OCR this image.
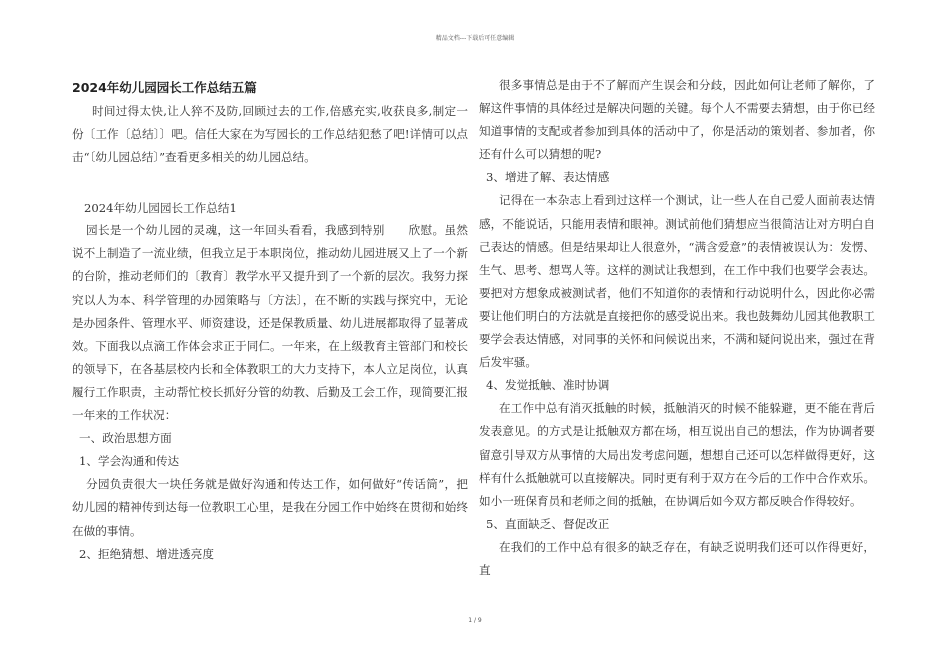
精品文档---下载后可任意编辑

2024年幼儿园园长工作总结五篇

时间过得太快,让人猝不及防,回顾过去的工作,倍感充实,收获良多,制定一份〔工作〔总结〕〕吧。信任大家在为写园长的工作总结犯愁了吧!详情可以点击“〔幼儿园总结〕”查看更多相关的幼儿园总结。

2024年幼儿园园长工作总结1

园长是一个幼儿园的灵魂，这一年回头看看，我感到特别　　欣慰。虽然说不上制造了一流业绩，但我立足于本职岗位，推动幼儿园进展又上了一个新的台阶，推动老师们的〔教育〕教学水平又提升到了一个新的层次。我努力探究以人为本、科学管理的办园策略与〔方法〕，在不断的实践与探究中，无论是办园条件、管理水平、师资建设，还是保教质量、幼儿进展都取得了显著成效。下面我以点滴工作体会求正于同仁。一年来，在上级教育主管部门和校长的领导下，在各基层校内长和全体教职工的大力支持下，本人立足岗位，认真履行工作职责，主动帮忙校长抓好分管的幼教、后勤及工会工作，现简要汇报一年来的工作状况：

一、政治思想方面

1、学会沟通和传达

分园负责很大一块任务就是做好沟通和传达工作，如何做好“传话筒”，把幼儿园的精神传到达每一位教职工心里，是我在分园工作中始终在贯彻和始终在做的事情。

2、拒绝猜想、增进透亮度

很多事情总是由于不了解而产生误会和分歧，因此如何让老师了解你，了解这件事情的具体经过是解决问题的关键。每个人不需要去猜想，由于你已经知道事情的支配或者参加到具体的活动中了，你是活动的策划者、参加者，你还有什么可以猜想的呢?

3、增进了解、表达情感

记得在一本杂志上看到过这样一个测试，让一些人在自己爱人面前表达情感，不能说话，只能用表情和眼神。测试前他们猜想应当很简洁让对方明白自己表达的情感。但是结果却让人很意外，“满含爱意”的表情被误认为：发愣、生气、思考、想骂人等。这样的测试让我想到，在工作中我们也要学会表达。要把对方想象成被测试者，他们不知道你的表情和行动说明什么，因此你必需要让他们明白的方法就是直接把你的感受说出来。我也鼓舞幼儿园其他教职工要学会表达情感，对同事的关怀和问候说出来，不满和疑问说出来，强过在背后发牢骚。

4、发觉抵触、准时协调

在工作中总有消灭抵触的时候，抵触消灭的时候不能躲避，更不能在背后发表意见。的方式是让抵触双方都在场，相互说出自己的想法，作为协调者要留意引导双方从事情的大局出发考虑问题，想想自己还可以怎样做得更好，这样有什么抵触就可以直接解决。同时更有利于双方在今后的工作中合作欢乐。如小一班保育员和老师之间的抵触，在协调后如今双方都反映合作得较好。

5、直面缺乏、督促改正

在我们的工作中总有很多的缺乏存在，有缺乏说明我们还可以作得更好，直

1 / 9
